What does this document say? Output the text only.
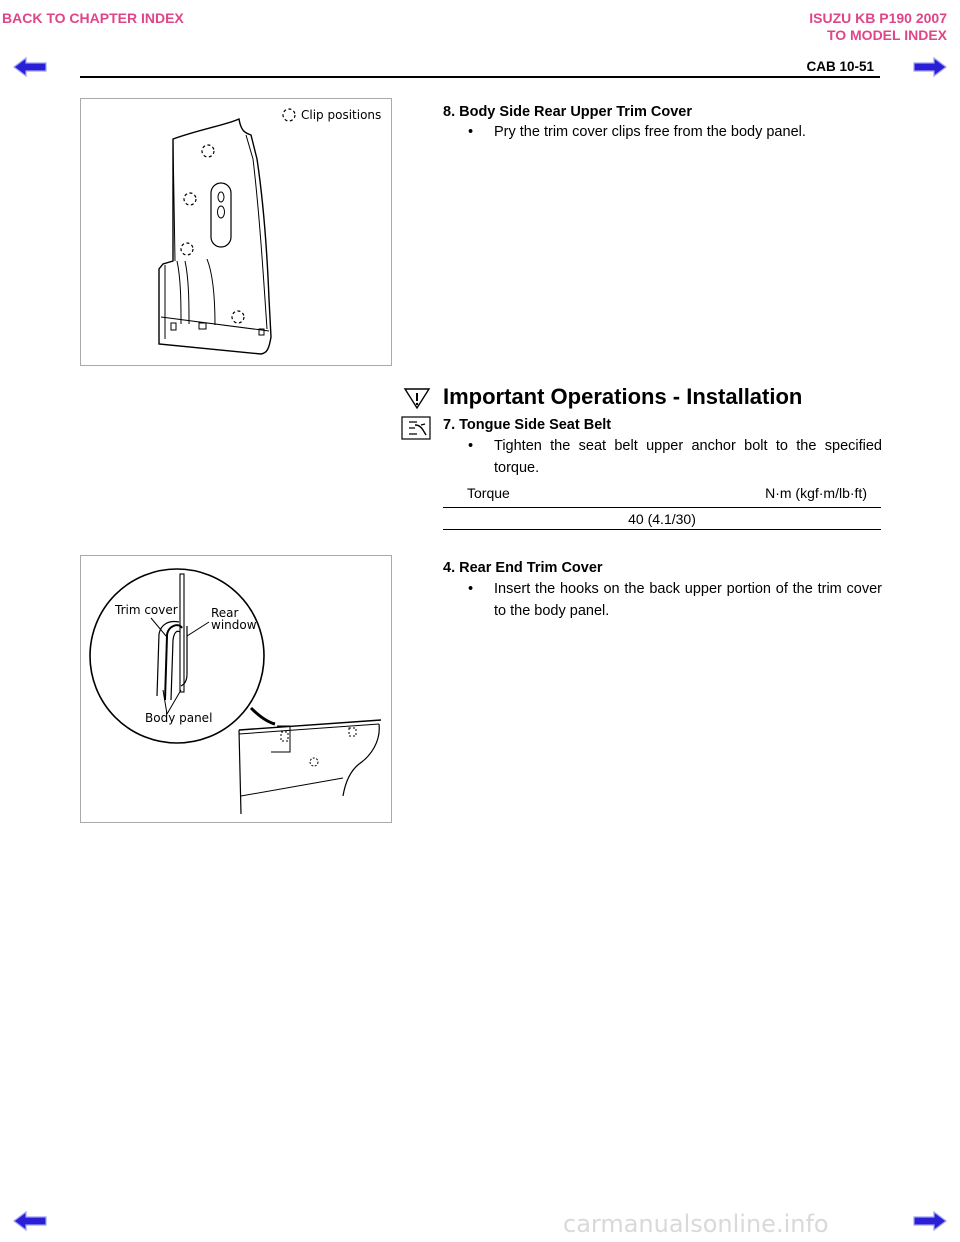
BACK TO CHAPTER INDEX	ISUZU KB P190 2007
TO MODEL INDEX
CAB 10-51
Clip positions	8. Body Side Rear Upper Trim Cover
•	Pry the trim cover clips free from the body panel.
Important Operations - Installation
7. Tongue Side Seat Belt
•	Tighten the seat belt upper anchor bolt to the specified torque.
Torque	N·m (kgf·m/lb·ft)
40 (4.1/30)
Trim cover	Rear
window
Body panel
4. Rear End Trim Cover
•	Insert the hooks on the back upper portion of the trim cover to the body panel.
carmanualsonline.info
